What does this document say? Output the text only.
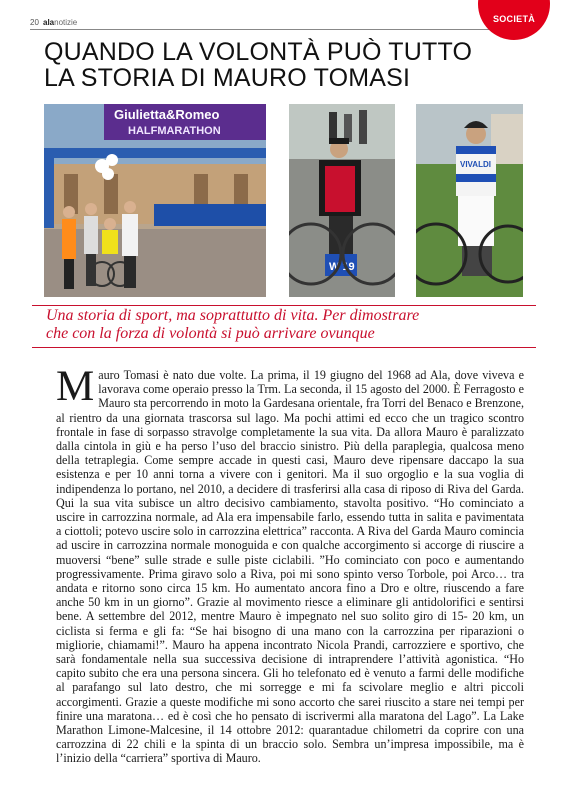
20 alanotizie	SOCIETÀ
QUANDO LA VOLONTÀ PUÒ TUTTO
LA STORIA DI MAURO TOMASI
Giulietta&Romeo
HALFMARATHON
W 19
VIVALDI
Una storia di sport, ma soprattutto di vita. Per dimostrare
che con la forza di volontà si può arrivare ovunque
M auro Tomasi è nato due volte. La prima, il 19 giugno del 1968 ad Ala, dove viveva e lavorava come operaio presso la Trm. La seconda, il 15 agosto del 2000. È Ferragosto e Mauro sta percorrendo in moto la Gardesana orientale, fra Torri del Benaco e Brenzone, al rientro da una giornata trascorsa sul lago. Ma pochi attimi ed ecco che un tragico scontro frontale in fase di sorpasso stravolge completamente la sua vita. Da allora Mauro è paralizzato dalla cintola in giù e ha perso l’uso del braccio sinistro. Più della paraplegia, qualcosa meno della tetraplegia. Come sempre accade in questi casi, Mauro deve ripensare daccapo la sua esistenza e per 10 anni torna a vivere con i genitori. Ma il suo orgoglio e la sua voglia di indipendenza lo portano, nel 2010, a decidere di trasferirsi alla casa di riposo di Riva del Garda. Qui la sua vita subisce un altro decisivo cambiamento, stavolta positivo. “Ho cominciato a uscire in carrozzina normale, ad Ala era impensabile farlo, essendo tutta in salita e pavimentata a ciottoli; potevo uscire solo in carrozzina elettrica” racconta. A Riva del Garda Mauro comincia ad uscire in carrozzina normale monoguida e con qualche accorgimento si accorge di riuscire a muoversi “bene” sulle strade e sulle piste ciclabili. ”Ho cominciato con poco e aumentando progressivamente. Prima giravo solo a Riva, poi mi sono spinto verso Torbole, poi Arco… tra andata e ritorno sono circa 15 km. Ho aumentato ancora fino a Dro e oltre, riuscendo a fare anche 50 km in un giorno”. Grazie al movimento riesce a eliminare gli antidolorifici e sentirsi bene. A settembre del 2012, mentre Mauro è impegnato nel suo solito giro di 15- 20 km, un ciclista si ferma e gli fa: “Se hai bisogno di una mano con la carrozzina per riparazioni o migliorie, chiamami!”. Mauro ha appena incontrato Nicola Prandi, carrozziere e sportivo, che sarà fondamentale nella sua successiva decisione di intraprendere l’attività agonistica. “Ho capito subito che era una persona sincera. Gli ho telefonato ed è venuto a farmi delle modifiche al parafango sul lato destro, che mi sorregge e mi fa scivolare meglio e altri piccoli accorgimenti. Grazie a queste modifiche mi sono accorto che sarei riuscito a stare nei tempi per finire una maratona… ed è così che ho pensato di iscrivermi alla maratona del Lago”. La Lake Marathon Limone-Malcesine, il 14 ottobre 2012: quarantadue chilometri da coprire con una carrozzina di 22 chili e la spinta di un braccio solo. Sembra un’impresa impossibile, ma è l’inizio della “carriera” sportiva di Mauro.
